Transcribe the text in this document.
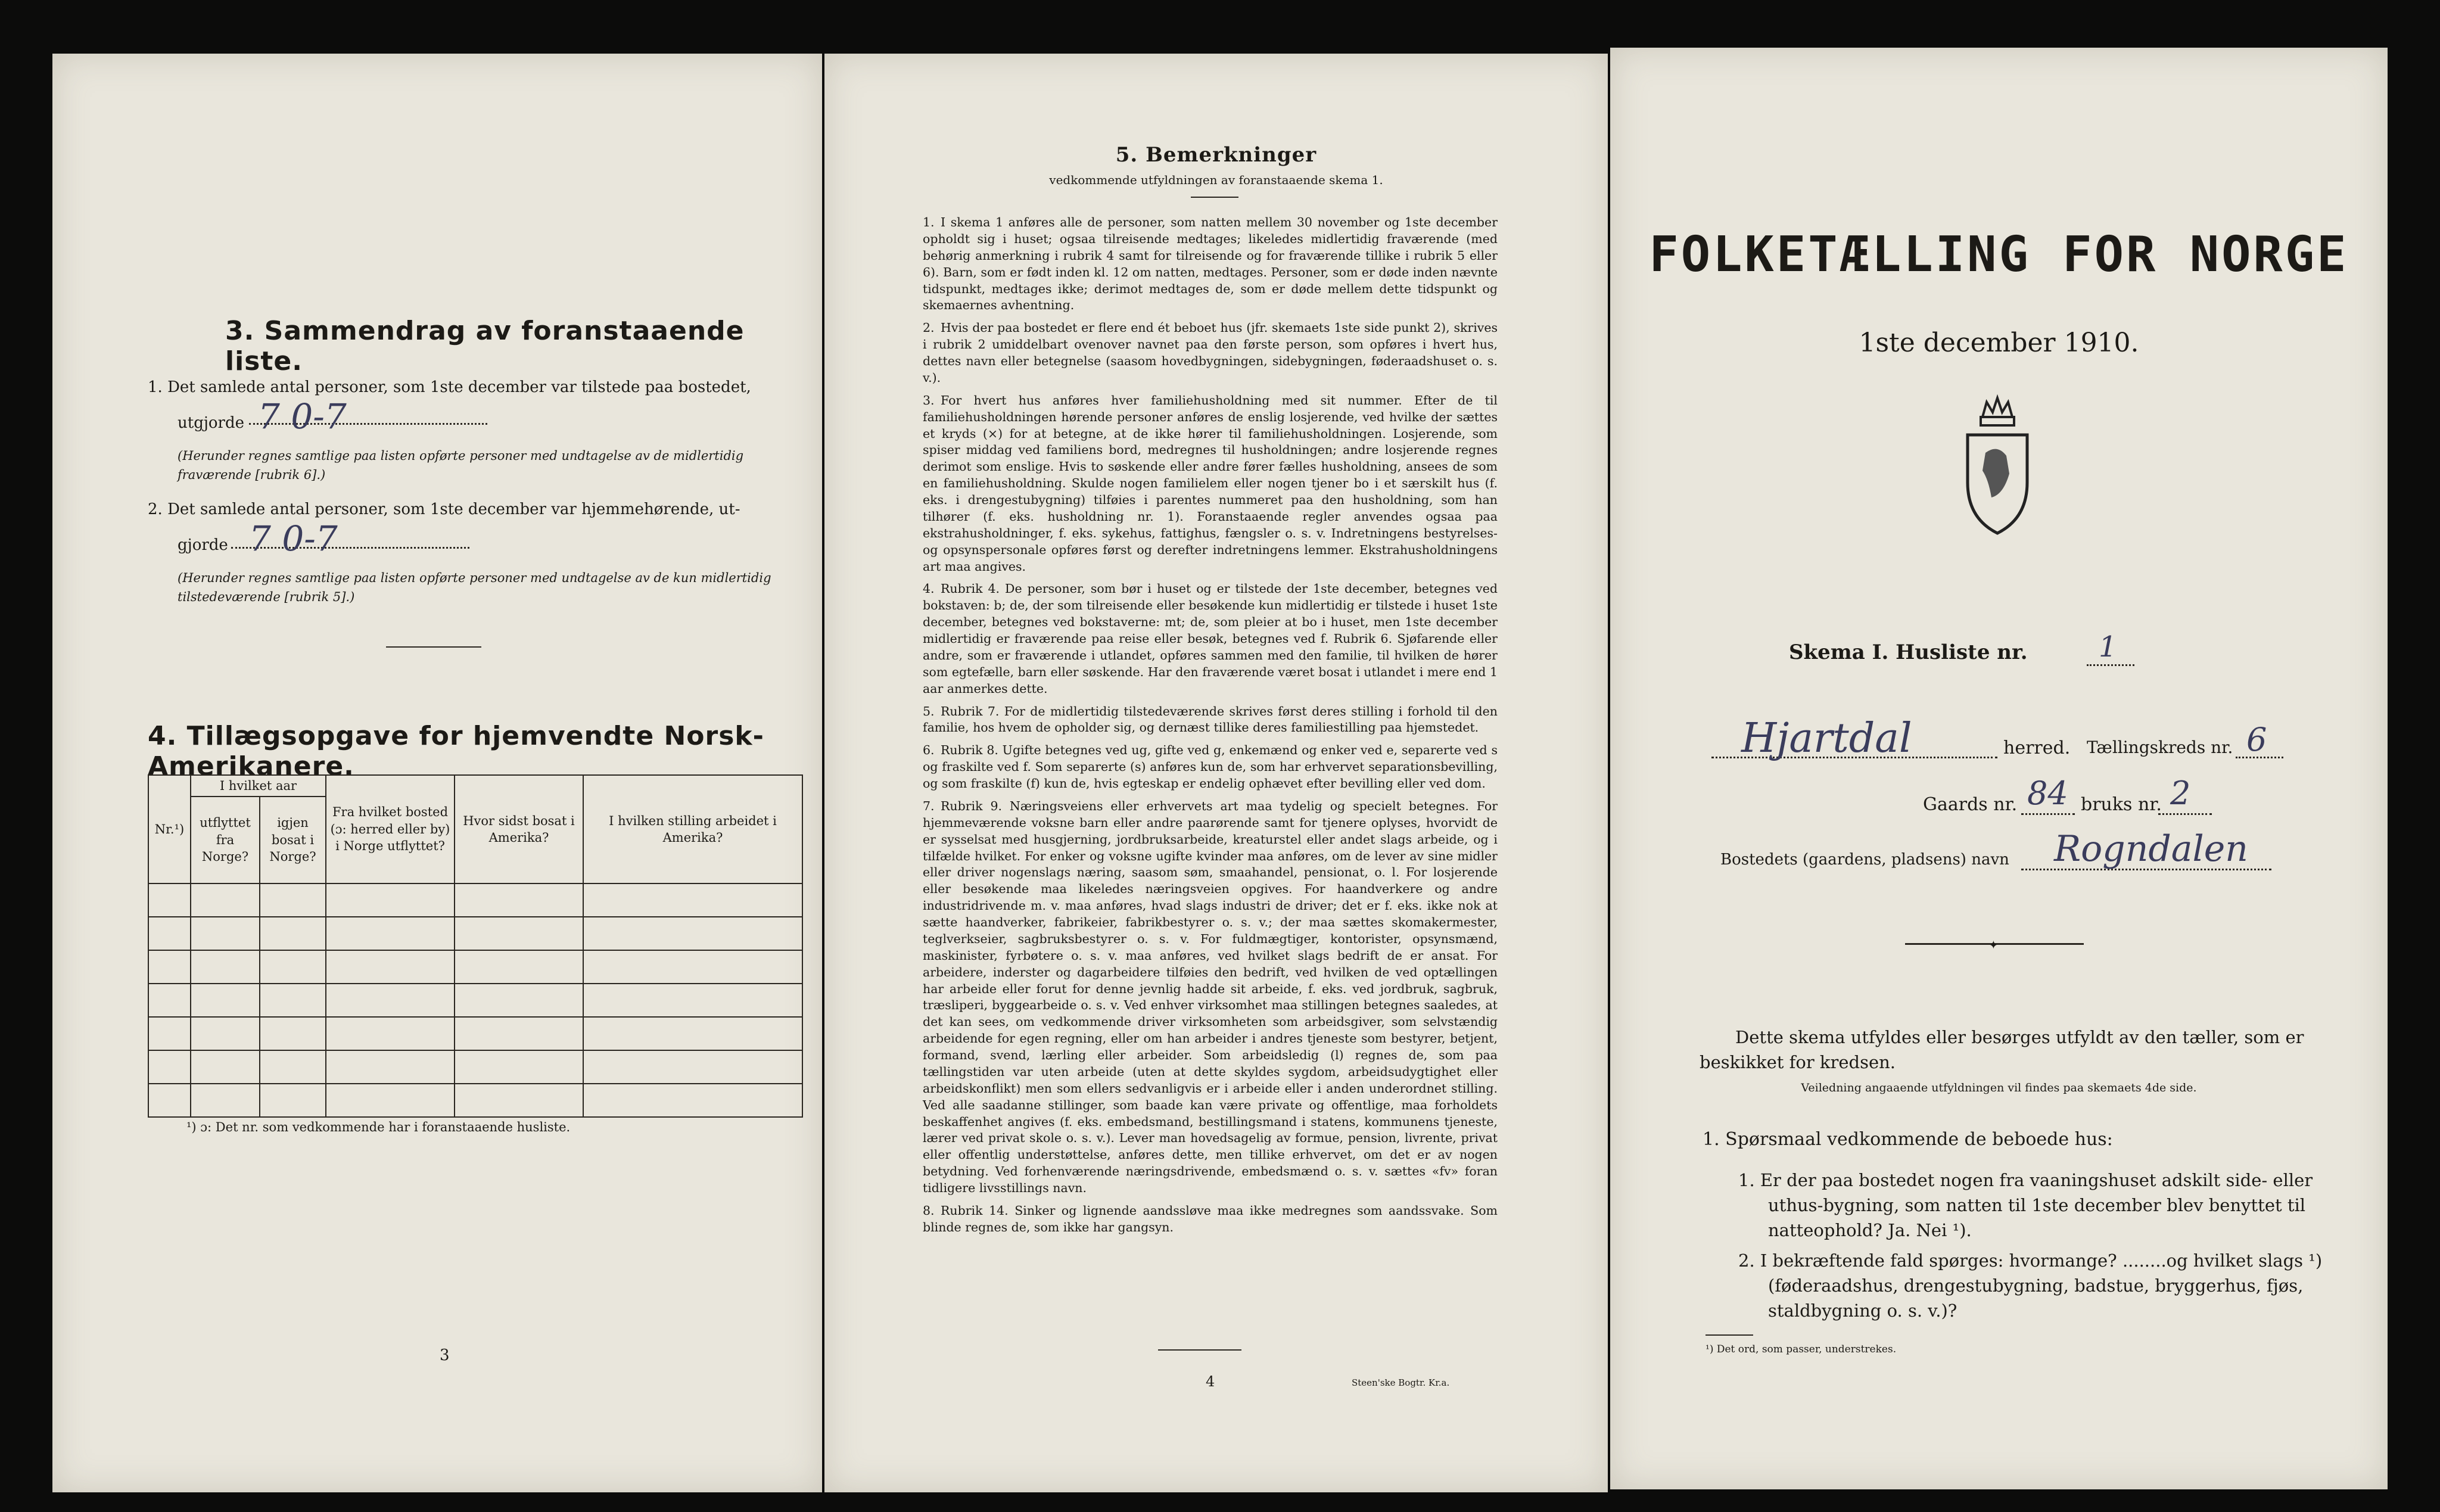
3. Sammendrag av foranstaaende liste.
1. Det samlede antal personer, som 1ste december var tilstede paa bostedet,
utgjorde 7 0-7
(Herunder regnes samtlige paa listen opførte personer med undtagelse av de midlertidig fraværende [rubrik 6].)
2. Det samlede antal personer, som 1ste december var hjemmehørende, ut-
gjorde 7 0-7
(Herunder regnes samtlige paa listen opførte personer med undtagelse av de kun midlertidig tilstedeværende [rubrik 5].)
4. Tillægsopgave for hjemvendte Norsk-Amerikanere.
Nr.¹)	I hvilket aar		Fra hvilket bosted (ɔ: herred eller by) i Norge utflyttet?	Hvor sidst bosat i Amerika?	I hvilken stilling arbeidet i Amerika?
	utflyttet fra Norge?	igjen bosat i Norge?			

¹) ɔ: Det nr. som vedkommende har i foranstaaende husliste.
3
5. Bemerkninger
vedkommende utfyldningen av foranstaaende skema 1.

1. I skema 1 anføres alle de personer, som natten mellem 30 november og 1ste december opholdt sig i huset; ogsaa tilreisende medtages; likeledes midlertidig fraværende (med behørig anmerkning i rubrik 4 samt for tilreisende og for fraværende tillike i rubrik 5 eller 6). Barn, som er født inden kl. 12 om natten, medtages. Personer, som er døde inden nævnte tidspunkt, medtages ikke; derimot medtages de, som er døde mellem dette tidspunkt og skemaernes avhentning.

2. Hvis der paa bostedet er flere end ét beboet hus (jfr. skemaets 1ste side punkt 2), skrives i rubrik 2 umiddelbart ovenover navnet paa den første person, som opføres i hvert hus, dettes navn eller betegnelse (saasom hovedbygningen, sidebygningen, føderaadshuset o. s. v.).

3. For hvert hus anføres hver familiehusholdning med sit nummer. Efter de til familiehusholdningen hørende personer anføres de enslig losjerende, ved hvilke der sættes et kryds (×) for at betegne, at de ikke hører til familiehusholdningen. Losjerende, som spiser middag ved familiens bord, medregnes til husholdningen; andre losjerende regnes derimot som enslige. Hvis to søskende eller andre fører fælles husholdning, ansees de som en familiehusholdning. Skulde nogen familielem eller nogen tjener bo i et særskilt hus (f. eks. i drengestubygning) tilføies i parentes nummeret paa den husholdning, som han tilhører (f. eks. husholdning nr. 1). Foranstaaende regler anvendes ogsaa paa ekstrahusholdninger, f. eks. sykehus, fattighus, fængsler o. s. v. Indretningens bestyrelses- og opsynspersonale opføres først og derefter indretningens lemmer. Ekstrahusholdningens art maa angives.

4. Rubrik 4. De personer, som bør i huset og er tilstede der 1ste december, betegnes ved bokstaven: b; de, der som tilreisende eller besøkende kun midlertidig er tilstede i huset 1ste december, betegnes ved bokstaverne: mt; de, som pleier at bo i huset, men 1ste december midlertidig er fraværende paa reise eller besøk, betegnes ved f. Rubrik 6. Sjøfarende eller andre, som er fraværende i utlandet, opføres sammen med den familie, til hvilken de hører som egtefælle, barn eller søskende. Har den fraværende været bosat i utlandet i mere end 1 aar anmerkes dette.

5. Rubrik 7. For de midlertidig tilstedeværende skrives først deres stilling i forhold til den familie, hos hvem de opholder sig, og dernæst tillike deres familiestilling paa hjemstedet.

6. Rubrik 8. Ugifte betegnes ved ug, gifte ved g, enkemænd og enker ved e, separerte ved s og fraskilte ved f. Som separerte (s) anføres kun de, som har erhvervet separationsbevilling, og som fraskilte (f) kun de, hvis egteskap er endelig ophævet efter bevilling eller ved dom.

7. Rubrik 9. Næringsveiens eller erhvervets art maa tydelig og specielt betegnes. For hjemmeværende voksne barn eller andre paarørende samt for tjenere oplyses, hvorvidt de er sysselsat med husgjerning, jordbruksarbeide, kreaturstel eller andet slags arbeide, og i tilfælde hvilket. For enker og voksne ugifte kvinder maa anføres, om de lever av sine midler eller driver nogenslags næring, saasom søm, smaahandel, pensionat, o. l. For losjerende eller besøkende maa likeledes næringsveien opgives. For haandverkere og andre industridrivende m. v. maa anføres, hvad slags industri de driver; det er f. eks. ikke nok at sætte haandverker, fabrikeier, fabrikbestyrer o. s. v.; der maa sættes skomakermester, teglverkseier, sagbruksbestyrer o. s. v. For fuldmægtiger, kontorister, opsynsmænd, maskinister, fyrbøtere o. s. v. maa anføres, ved hvilket slags bedrift de er ansat. For arbeidere, inderster og dagarbeidere tilføies den bedrift, ved hvilken de ved optællingen har arbeide eller forut for denne jevnlig hadde sit arbeide, f. eks. ved jordbruk, sagbruk, træsliperi, byggearbeide o. s. v. Ved enhver virksomhet maa stillingen betegnes saaledes, at det kan sees, om vedkommende driver virksomheten som arbeidsgiver, som selvstændig arbeidende for egen regning, eller om han arbeider i andres tjeneste som bestyrer, betjent, formand, svend, lærling eller arbeider. Som arbeidsledig (l) regnes de, som paa tællingstiden var uten arbeide (uten at dette skyldes sygdom, arbeidsudygtighet eller arbeidskonflikt) men som ellers sedvanligvis er i arbeide eller i anden underordnet stilling. Ved alle saadanne stillinger, som baade kan være private og offentlige, maa forholdets beskaffenhet angives (f. eks. embedsmand, bestillingsmand i statens, kommunens tjeneste, lærer ved privat skole o. s. v.). Lever man hovedsagelig av formue, pension, livrente, privat eller offentlig understøttelse, anføres dette, men tillike erhvervet, om det er av nogen betydning. Ved forhenværende næringsdrivende, embedsmænd o. s. v. sættes «fv» foran tidligere livsstillings navn.

8. Rubrik 14. Sinker og lignende aandssløve maa ikke medregnes som aandssvake. Som blinde regnes de, som ikke har gangsyn.

4	Steen'ske Bogtr. Kr.a.
FOLKETÆLLING FOR NORGE
1ste december 1910.
Skema I. Husliste nr. 1
Hjartdal	herred. Tællingskreds nr. 6
Gaards nr. 84 bruks nr. 2
Bostedets (gaardens, pladsens) navn Rogndalen
✦
Dette skema utfyldes eller besørges utfyldt av den tæller, som er beskikket for kredsen.
Veiledning angaaende utfyldningen vil findes paa skemaets 4de side.
1. Spørsmaal vedkommende de beboede hus:
1. Er der paa bostedet nogen fra vaaningshuset adskilt side- eller uthus-bygning, som natten til 1ste december blev benyttet til natteophold? Ja. Nei ¹).
2. I bekræftende fald spørges: hvormange? ........og hvilket slags ¹) (føderaadshus, drengestubygning, badstue, bryggerhus, fjøs, staldbygning o. s. v.)?
¹) Det ord, som passer, understrekes.
